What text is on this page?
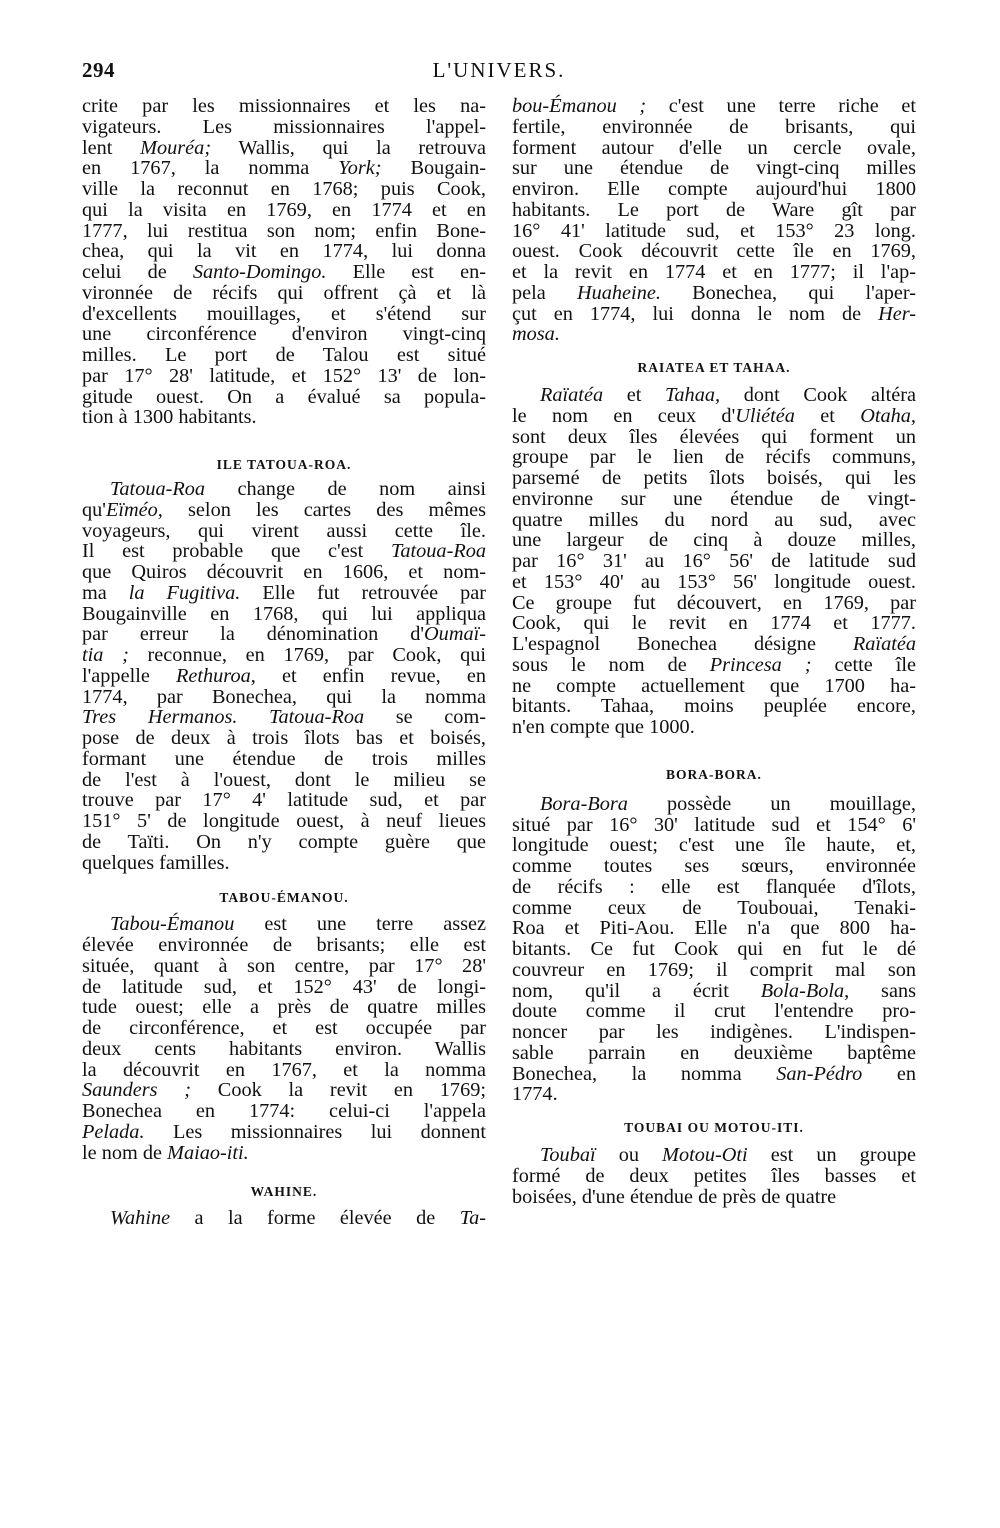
294	L'UNIVERS.
crite par les missionnaires et les na-
vigateurs. Les missionnaires l'appel-
lent Mouréa; Wallis, qui la retrouva
en 1767, la nomma York; Bougain-
ville la reconnut en 1768; puis Cook,
qui la visita en 1769, en 1774 et en
1777, lui restitua son nom; enfin Bone-
chea, qui la vit en 1774, lui donna
celui de Santo-Domingo. Elle est en-
vironnée de récifs qui offrent çà et là
d'excellents mouillages, et s'étend sur
une circonférence d'environ vingt-cinq
milles. Le port de Talou est situé
par 17° 28' latitude, et 152° 13' de lon-
gitude ouest. On a évalué sa popula-
tion à 1300 habitants.
ILE TATOUA-ROA.
Tatoua-Roa change de nom ainsi
qu'Eïméo, selon les cartes des mêmes
voyageurs, qui virent aussi cette île.
Il est probable que c'est Tatoua-Roa
que Quiros découvrit en 1606, et nom-
ma la Fugitiva. Elle fut retrouvée par
Bougainville en 1768, qui lui appliqua
par erreur la dénomination d'Oumaï-
tia ; reconnue, en 1769, par Cook, qui
l'appelle Rethuroa, et enfin revue, en
1774, par Bonechea, qui la nomma
Tres Hermanos. Tatoua-Roa se com-
pose de deux à trois îlots bas et boisés,
formant une étendue de trois milles
de l'est à l'ouest, dont le milieu se
trouve par 17° 4' latitude sud, et par
151° 5' de longitude ouest, à neuf lieues
de Taïti. On n'y compte guère que
quelques familles.
TABOU-ÉMANOU.
Tabou-Émanou est une terre assez
élevée environnée de brisants; elle est
située, quant à son centre, par 17° 28'
de latitude sud, et 152° 43' de longi-
tude ouest; elle a près de quatre milles
de circonférence, et est occupée par
deux cents habitants environ. Wallis
la découvrit en 1767, et la nomma
Saunders ; Cook la revit en 1769;
Bonechea en 1774: celui-ci l'appela
Pelada. Les missionnaires lui donnent
le nom de Maiao-iti.
WAHINE.
Wahine a la forme élevée de Ta-
bou-Émanou ; c'est une terre riche et
fertile, environnée de brisants, qui
forment autour d'elle un cercle ovale,
sur une étendue de vingt-cinq milles
environ. Elle compte aujourd'hui 1800
habitants. Le port de Ware gît par
16° 41' latitude sud, et 153° 23 long.
ouest. Cook découvrit cette île en 1769,
et la revit en 1774 et en 1777; il l'ap-
pela Huaheine. Bonechea, qui l'aper-
çut en 1774, lui donna le nom de Her-
mosa.
RAIATEA ET TAHAA.
Raïatéa et Tahaa, dont Cook altéra
le nom en ceux d'Uliétéa et Otaha,
sont deux îles élevées qui forment un
groupe par le lien de récifs communs,
parsemé de petits îlots boisés, qui les
environne sur une étendue de vingt-
quatre milles du nord au sud, avec
une largeur de cinq à douze milles,
par 16° 31' au 16° 56' de latitude sud
et 153° 40' au 153° 56' longitude ouest.
Ce groupe fut découvert, en 1769, par
Cook, qui le revit en 1774 et 1777.
L'espagnol Bonechea désigne Raïatéa
sous le nom de Princesa ; cette île
ne compte actuellement que 1700 ha-
bitants. Tahaa, moins peuplée encore,
n'en compte que 1000.
BORA-BORA.
Bora-Bora possède un mouillage,
situé par 16° 30' latitude sud et 154° 6'
longitude ouest; c'est une île haute, et,
comme toutes ses sœurs, environnée
de récifs : elle est flanquée d'îlots,
comme ceux de Toubouai, Tenaki-
Roa et Piti-Aou. Elle n'a que 800 ha-
bitants. Ce fut Cook qui en fut le dé
couvreur en 1769; il comprit mal son
nom, qu'il a écrit Bola-Bola, sans
doute comme il crut l'entendre pro-
noncer par les indigènes. L'indispen-
sable parrain en deuxième baptême
Bonechea, la nomma San-Pédro en
1774.
TOUBAI OU MOTOU-ITI.
Toubaï ou Motou-Oti est un groupe
formé de deux petites îles basses et
boisées, d'une étendue de près de quatre
